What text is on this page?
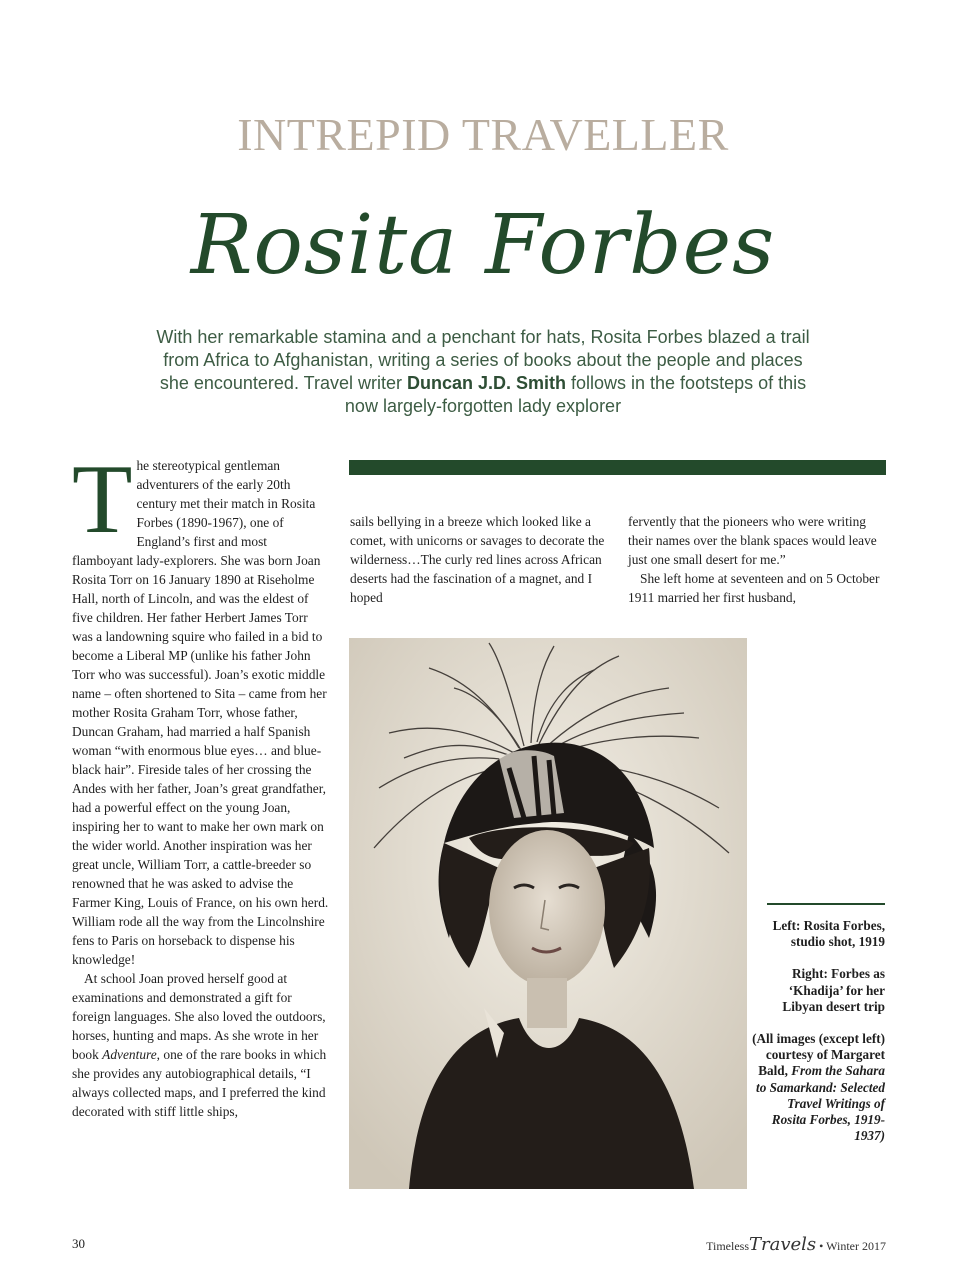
INTREPID TRAVELLER
Rosita Forbes
With her remarkable stamina and a penchant for hats, Rosita Forbes blazed a trail from Africa to Afghanistan, writing a series of books about the people and places she encountered. Travel writer Duncan J.D. Smith follows in the footsteps of this now largely-forgotten lady explorer

The stereotypical gentleman adventurers of the early 20th century met their match in Rosita Forbes (1890-1967), one of England’s first and most flamboyant lady-explorers. She was born Joan Rosita Torr on 16 January 1890 at Riseholme Hall, north of Lincoln, and was the eldest of five children. Her father Herbert James Torr was a landowning squire who failed in a bid to become a Liberal MP (unlike his father John Torr who was successful). Joan’s exotic middle name – often shortened to Sita – came from her mother Rosita Graham Torr, whose father, Duncan Graham, had married a half Spanish woman “with enormous blue eyes… and blue-black hair”. Fireside tales of her crossing the Andes with her father, Joan’s great grandfather, had a powerful effect on the young Joan, inspiring her to want to make her own mark on the wider world. Another inspiration was her great uncle, William Torr, a cattle-breeder so renowned that he was asked to advise the Farmer King, Louis of France, on his own herd. William rode all the way from the Lincolnshire fens to Paris on horseback to dispense his knowledge!

At school Joan proved herself good at examinations and demonstrated a gift for foreign languages. She also loved the outdoors, horses, hunting and maps. As she wrote in her book Adventure, one of the rare books in which she provides any autobiographical details, “I always collected maps, and I preferred the kind decorated with stiff little ships,

sails bellying in a breeze which looked like a comet, with unicorns or savages to decorate the wilderness…The curly red lines across African deserts had the fascination of a magnet, and I hoped

fervently that the pioneers who were writing their names over the blank spaces would leave just one small desert for me.”

She left home at seventeen and on 5 October 1911 married her first husband,

Left: Rosita Forbes, studio shot, 1919

Right: Forbes as ‘Khadija’ for her Libyan desert trip

(All images (except left) courtesy of Margaret Bald, From the Sahara to Samarkand: Selected Travel Writings of Rosita Forbes, 1919-1937)

30	TimelessTravels • Winter 2017
